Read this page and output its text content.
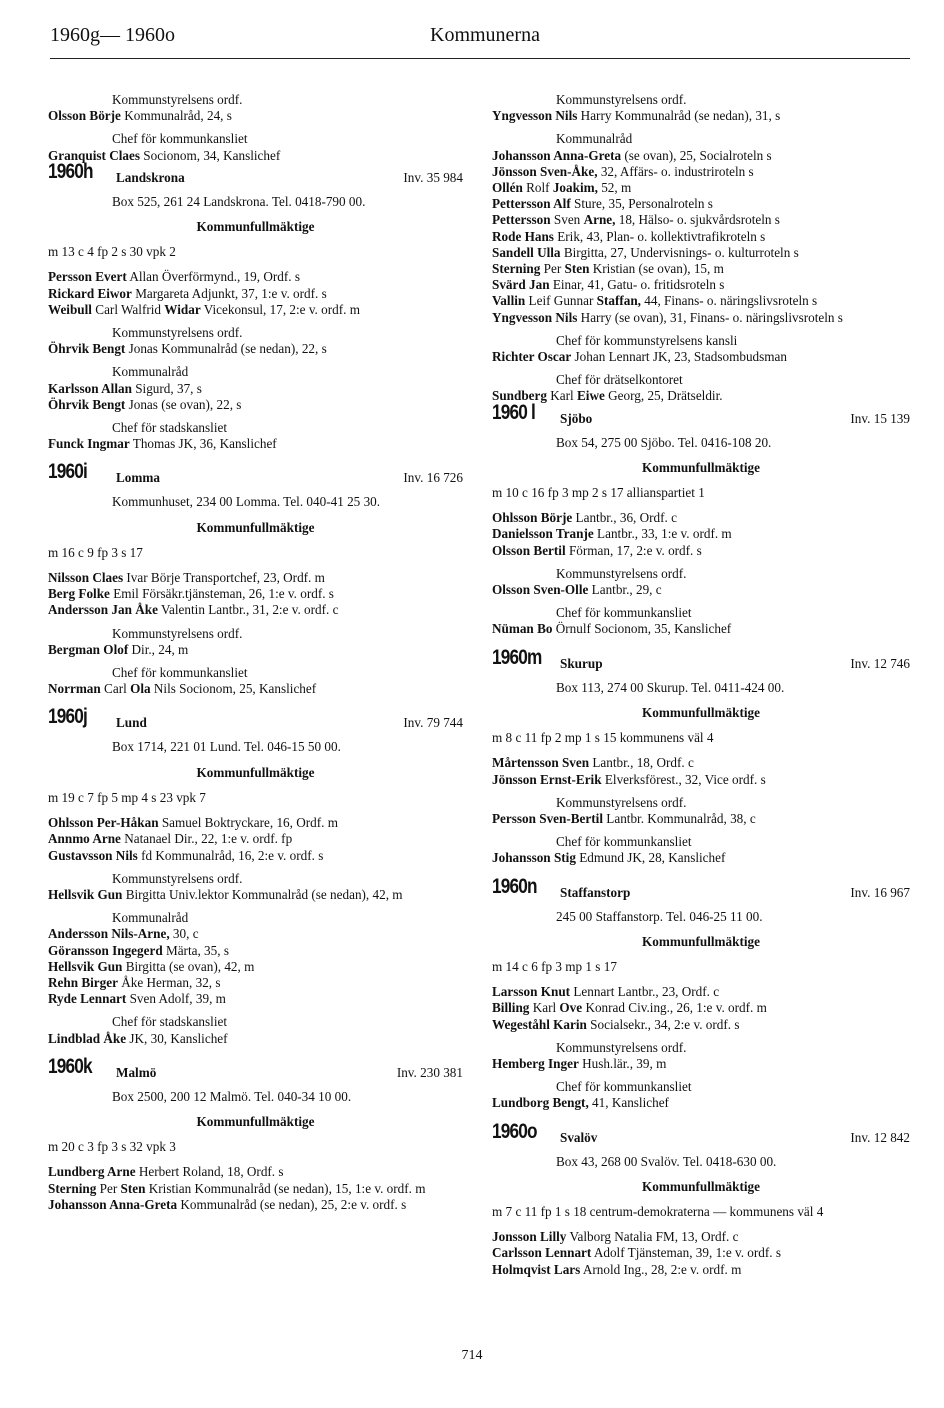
1960g— 1960o	Kommunerna
Kommunstyrelsens ordf.
Olsson Börje Kommunalråd, 24, s
Chef för kommunkansliet
Granquist Claes Socionom, 34, Kanslichef
1960h Landskrona	Inv. 35 984
Box 525, 261 24 Landskrona. Tel. 0418-790 00.
Kommunfullmäktige
m 13 c 4 fp 2 s 30 vpk 2
Persson Evert Allan Överförmynd., 19, Ordf. s
Rickard Eiwor Margareta Adjunkt, 37, 1:e v. ordf. s
Weibull Carl Walfrid Widar Vicekonsul, 17, 2:e v. ordf. m
Kommunstyrelsens ordf.
Öhrvik Bengt Jonas Kommunalråd (se nedan), 22, s
Kommunalråd
Karlsson Allan Sigurd, 37, s
Öhrvik Bengt Jonas (se ovan), 22, s
Chef för stadskansliet
Funck Ingmar Thomas JK, 36, Kanslichef
1960i Lomma	Inv. 16 726
Kommunhuset, 234 00 Lomma. Tel. 040-41 25 30.
Kommunfullmäktige
m 16 c 9 fp 3 s 17
Nilsson Claes Ivar Börje Transportchef, 23, Ordf. m
Berg Folke Emil Försäkr.tjänsteman, 26, 1:e v. ordf. s
Andersson Jan Åke Valentin Lantbr., 31, 2:e v. ordf. c
Kommunstyrelsens ordf.
Bergman Olof Dir., 24, m
Chef för kommunkansliet
Norrman Carl Ola Nils Socionom, 25, Kanslichef
1960j Lund	Inv. 79 744
Box 1714, 221 01 Lund. Tel. 046-15 50 00.
Kommunfullmäktige
m 19 c 7 fp 5 mp 4 s 23 vpk 7
Ohlsson Per-Håkan Samuel Boktryckare, 16, Ordf. m
Annmo Arne Natanael Dir., 22, 1:e v. ordf. fp
Gustavsson Nils fd Kommunalråd, 16, 2:e v. ordf. s
Kommunstyrelsens ordf.
Hellsvik Gun Birgitta Univ.lektor Kommunalråd (se nedan), 42, m
Kommunalråd
Andersson Nils-Arne, 30, c
Göransson Ingegerd Märta, 35, s
Hellsvik Gun Birgitta (se ovan), 42, m
Rehn Birger Åke Herman, 32, s
Ryde Lennart Sven Adolf, 39, m
Chef för stadskansliet
Lindblad Åke JK, 30, Kanslichef
1960k Malmö	Inv. 230 381
Box 2500, 200 12 Malmö. Tel. 040-34 10 00.
Kommunfullmäktige
m 20 c 3 fp 3 s 32 vpk 3
Lundberg Arne Herbert Roland, 18, Ordf. s
Sterning Per Sten Kristian Kommunalråd (se nedan), 15, 1:e v. ordf. m
Johansson Anna-Greta Kommunalråd (se nedan), 25, 2:e v. ordf. s
Kommunstyrelsens ordf.
Yngvesson Nils Harry Kommunalråd (se nedan), 31, s
Kommunalråd
Johansson Anna-Greta (se ovan), 25, Socialroteln s
Jönsson Sven-Åke, 32, Affärs- o. industriroteln s
Ollén Rolf Joakim, 52, m
Pettersson Alf Sture, 35, Personalroteln s
Pettersson Sven Arne, 18, Hälso- o. sjukvårdsroteln s
Rode Hans Erik, 43, Plan- o. kollektivtrafikroteln s
Sandell Ulla Birgitta, 27, Undervisnings- o. kulturroteln s
Sterning Per Sten Kristian (se ovan), 15, m
Svärd Jan Einar, 41, Gatu- o. fritidsroteln s
Vallin Leif Gunnar Staffan, 44, Finans- o. näringslivsroteln s
Yngvesson Nils Harry (se ovan), 31, Finans- o. näringslivsroteln s
Chef för kommunstyrelsens kansli
Richter Oscar Johan Lennart JK, 23, Stadsombudsman
Chef för drätselkontoret
Sundberg Karl Eiwe Georg, 25, Drätseldir.
1960 l Sjöbo	Inv. 15 139
Box 54, 275 00 Sjöbo. Tel. 0416-108 20.
Kommunfullmäktige
m 10 c 16 fp 3 mp 2 s 17 allianspartiet 1
Ohlsson Börje Lantbr., 36, Ordf. c
Danielsson Tranje Lantbr., 33, 1:e v. ordf. m
Olsson Bertil Förman, 17, 2:e v. ordf. s
Kommunstyrelsens ordf.
Olsson Sven-Olle Lantbr., 29, c
Chef för kommunkansliet
Nüman Bo Örnulf Socionom, 35, Kanslichef
1960m Skurup	Inv. 12 746
Box 113, 274 00 Skurup. Tel. 0411-424 00.
Kommunfullmäktige
m 8 c 11 fp 2 mp 1 s 15 kommunens väl 4
Mårtensson Sven Lantbr., 18, Ordf. c
Jönsson Ernst-Erik Elverksförest., 32, Vice ordf. s
Kommunstyrelsens ordf.
Persson Sven-Bertil Lantbr. Kommunalråd, 38, c
Chef för kommunkansliet
Johansson Stig Edmund JK, 28, Kanslichef
1960n Staffanstorp	Inv. 16 967
245 00 Staffanstorp. Tel. 046-25 11 00.
Kommunfullmäktige
m 14 c 6 fp 3 mp 1 s 17
Larsson Knut Lennart Lantbr., 23, Ordf. c
Billing Karl Ove Konrad Civ.ing., 26, 1:e v. ordf. m
Wegeståhl Karin Socialsekr., 34, 2:e v. ordf. s
Kommunstyrelsens ordf.
Hemberg Inger Hush.lär., 39, m
Chef för kommunkansliet
Lundborg Bengt, 41, Kanslichef
1960o Svalöv	Inv. 12 842
Box 43, 268 00 Svalöv. Tel. 0418-630 00.
Kommunfullmäktige
m 7 c 11 fp 1 s 18 centrum-demokraterna — kommunens väl 4
Jonsson Lilly Valborg Natalia FM, 13, Ordf. c
Carlsson Lennart Adolf Tjänsteman, 39, 1:e v. ordf. s
Holmqvist Lars Arnold Ing., 28, 2:e v. ordf. m
714
